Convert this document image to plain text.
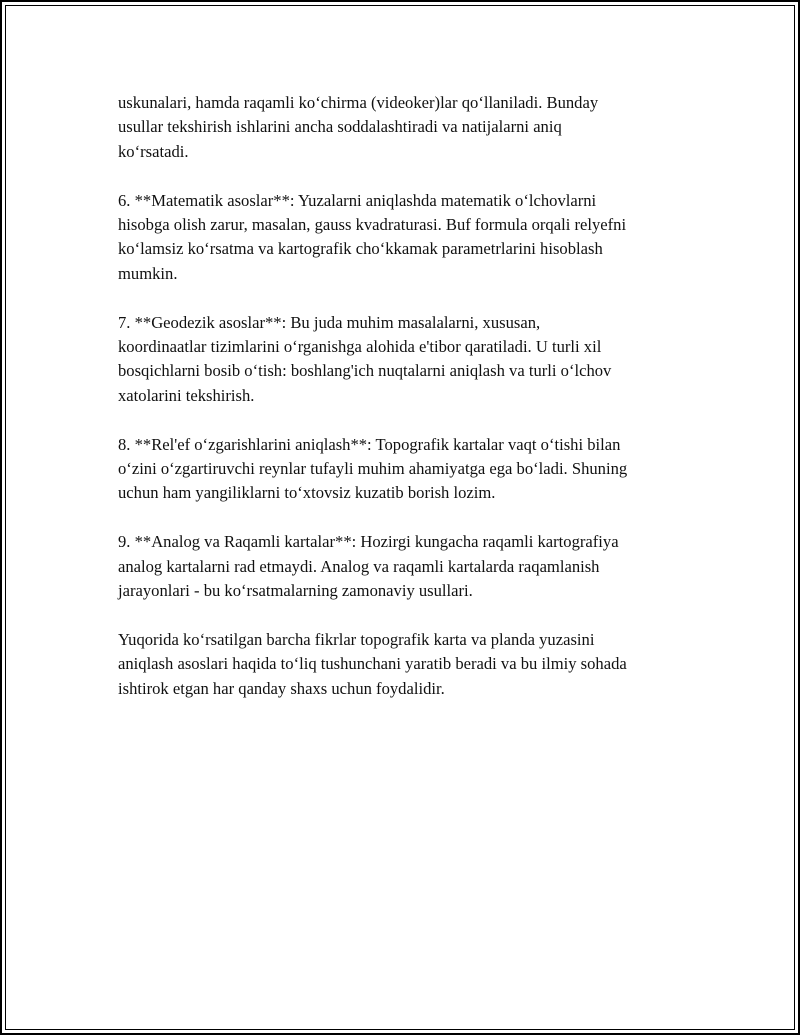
uskunalari, hamda raqamli ko‘chirma (videoker)lar qo‘llaniladi. Bunday
usullar tekshirish ishlarini ancha soddalashtiradi va natijalarni aniq
ko‘rsatadi.

6. **Matematik asoslar**: Yuzalarni aniqlashda matematik o‘lchovlarni
hisobga olish zarur, masalan, gauss kvadraturasi. Buf formula orqali relyefni
ko‘lamsiz ko‘rsatma va kartografik cho‘kkamak parametrlarini hisoblash
mumkin.

7. **Geodezik asoslar**: Bu juda muhim masalalarni, xususan,
koordinaatlar tizimlarini o‘rganishga alohida e'tibor qaratiladi. U turli xil
bosqichlarni bosib o‘tish: boshlang'ich nuqtalarni aniqlash va turli o‘lchov
xatolarini tekshirish.

8. **Rel'ef o‘zgarishlarini aniqlash**: Topografik kartalar vaqt o‘tishi bilan
o‘zini o‘zgartiruvchi reynlar tufayli muhim ahamiyatga ega bo‘ladi. Shuning
uchun ham yangiliklarni to‘xtovsiz kuzatib borish lozim.

9. **Analog va Raqamli kartalar**: Hozirgi kungacha raqamli kartografiya
analog kartalarni rad etmaydi. Analog va raqamli kartalarda raqamlanish
jarayonlari - bu ko‘rsatmalarning zamonaviy usullari.

Yuqorida ko‘rsatilgan barcha fikrlar topografik karta va planda yuzasini
aniqlash asoslari haqida to‘liq tushunchani yaratib beradi va bu ilmiy sohada
ishtirok etgan har qanday shaxs uchun foydalidir.
